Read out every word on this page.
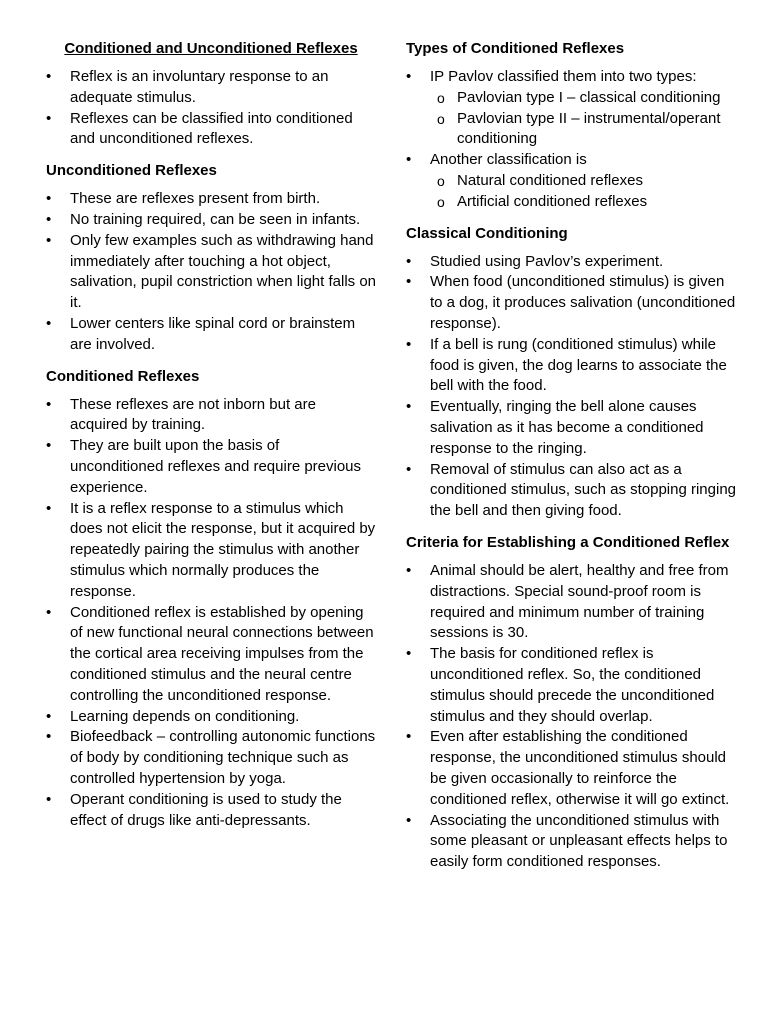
Conditioned and Unconditioned Reflexes
• Reflex is an involuntary response to an adequate stimulus.
• Reflexes can be classified into conditioned and unconditioned reflexes.
Unconditioned Reflexes
• These are reflexes present from birth.
• No training required, can be seen in infants.
• Only few examples such as withdrawing hand immediately after touching a hot object, salivation, pupil constriction when light falls on it.
• Lower centers like spinal cord or brainstem are involved.
Conditioned Reflexes
• These reflexes are not inborn but are acquired by training.
• They are built upon the basis of unconditioned reflexes and require previous experience.
• It is a reflex response to a stimulus which does not elicit the response, but it acquired by repeatedly pairing the stimulus with another stimulus which normally produces the response.
• Conditioned reflex is established by opening of new functional neural connections between the cortical area receiving impulses from the conditioned stimulus and the neural centre controlling the unconditioned response.
• Learning depends on conditioning.
• Biofeedback – controlling autonomic functions of body by conditioning technique such as controlled hypertension by yoga.
• Operant conditioning is used to study the effect of drugs like anti-depressants.
Types of Conditioned Reflexes
• IP Pavlov classified them into two types:
o Pavlovian type I – classical conditioning
o Pavlovian type II – instrumental/operant conditioning
• Another classification is
o Natural conditioned reflexes
o Artificial conditioned reflexes
Classical Conditioning
• Studied using Pavlov’s experiment.
• When food (unconditioned stimulus) is given to a dog, it produces salivation (unconditioned response).
• If a bell is rung (conditioned stimulus) while food is given, the dog learns to associate the bell with the food.
• Eventually, ringing the bell alone causes salivation as it has become a conditioned response to the ringing.
• Removal of stimulus can also act as a conditioned stimulus, such as stopping ringing the bell and then giving food.
Criteria for Establishing a Conditioned Reflex
• Animal should be alert, healthy and free from distractions. Special sound-proof room is required and minimum number of training sessions is 30.
• The basis for conditioned reflex is unconditioned reflex. So, the conditioned stimulus should precede the unconditioned stimulus and they should overlap.
• Even after establishing the conditioned response, the unconditioned stimulus should be given occasionally to reinforce the conditioned reflex, otherwise it will go extinct.
• Associating the unconditioned stimulus with some pleasant or unpleasant effects helps to easily form conditioned responses.
